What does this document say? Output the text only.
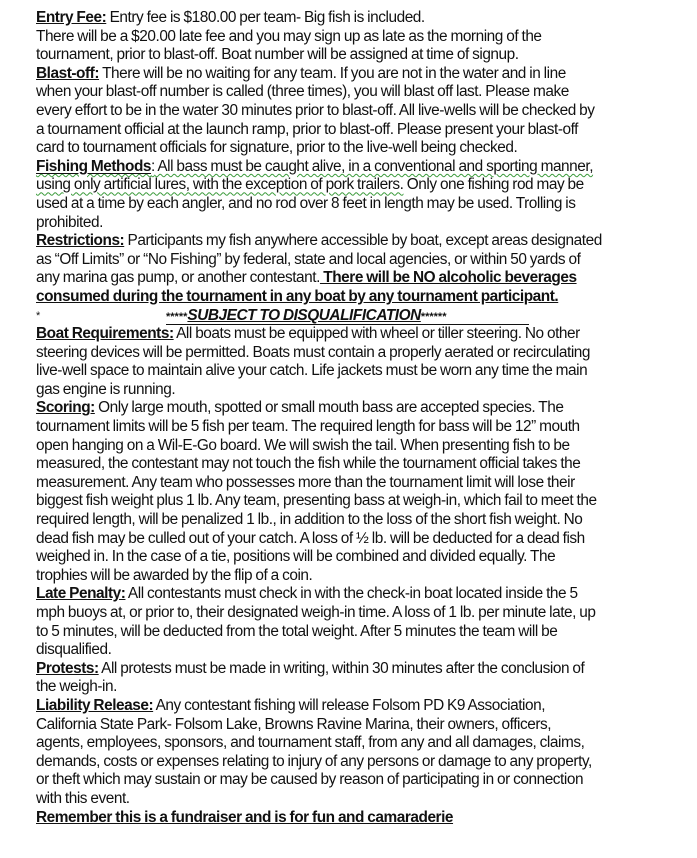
Entry Fee: Entry fee is $180.00 per team- Big fish is included.
There will be a $20.00 late fee and you may sign up as late as the morning of the
tournament, prior to blast-off. Boat number will be assigned at time of signup.
Blast-off: There will be no waiting for any team. If you are not in the water and in line
when your blast-off number is called (three times), you will blast off last. Please make
every effort to be in the water 30 minutes prior to blast-off. All live-wells will be checked by
a tournament official at the launch ramp, prior to blast-off. Please present your blast-off
card to tournament officials for signature, prior to the live-well being checked.
Fishing Methods: All bass must be caught alive, in a conventional and sporting manner,
using only artificial lures, with the exception of pork trailers. Only one fishing rod may be
used at a time by each angler, and no rod over 8 feet in length may be used. Trolling is
prohibited.
Restrictions: Participants my fish anywhere accessible by boat, except areas designated
as “Off Limits” or “No Fishing” by federal, state and local agencies, or within 50 yards of
any marina gas pump, or another contestant. There will be NO alcoholic beverages
consumed during the tournament in any boat by any tournament participant.
*	*****SUBJECT TO DISQUALIFICATION******
Boat Requirements: All boats must be equipped with wheel or tiller steering. No other
steering devices will be permitted. Boats must contain a properly aerated or recirculating
live-well space to maintain alive your catch. Life jackets must be worn any time the main
gas engine is running.
Scoring: Only large mouth, spotted or small mouth bass are accepted species. The
tournament limits will be 5 fish per team. The required length for bass will be 12” mouth
open hanging on a Wil-E-Go board. We will swish the tail. When presenting fish to be
measured, the contestant may not touch the fish while the tournament official takes the
measurement. Any team who possesses more than the tournament limit will lose their
biggest fish weight plus 1 lb. Any team, presenting bass at weigh-in, which fail to meet the
required length, will be penalized 1 lb., in addition to the loss of the short fish weight. No
dead fish may be culled out of your catch. A loss of ½ lb. will be deducted for a dead fish
weighed in. In the case of a tie, positions will be combined and divided equally. The
trophies will be awarded by the flip of a coin.
Late Penalty: All contestants must check in with the check-in boat located inside the 5
mph buoys at, or prior to, their designated weigh-in time. A loss of 1 lb. per minute late, up
to 5 minutes, will be deducted from the total weight. After 5 minutes the team will be
disqualified.
Protests: All protests must be made in writing, within 30 minutes after the conclusion of
the weigh-in.
Liability Release: Any contestant fishing will release Folsom PD K9 Association,
California State Park- Folsom Lake, Browns Ravine Marina, their owners, officers,
agents, employees, sponsors, and tournament staff, from any and all damages, claims,
demands, costs or expenses relating to injury of any persons or damage to any property,
or theft which may sustain or may be caused by reason of participating in or connection
with this event.
Remember this is a fundraiser and is for fun and camaraderie
